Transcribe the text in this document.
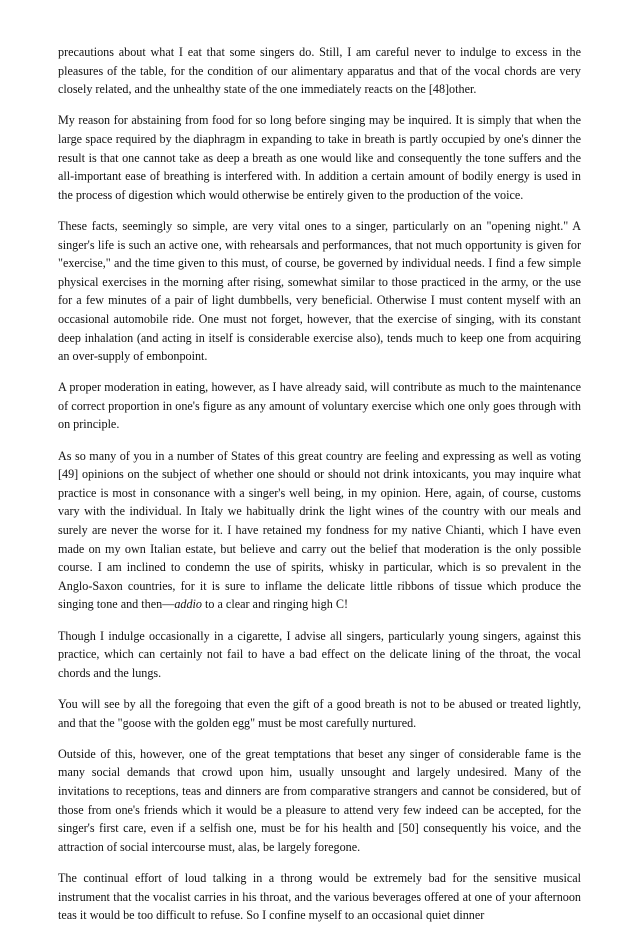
precautions about what I eat that some singers do. Still, I am careful never to indulge to excess in the pleasures of the table, for the condition of our alimentary apparatus and that of the vocal chords are very closely related, and the unhealthy state of the one immediately reacts on the [48]other.

My reason for abstaining from food for so long before singing may be inquired. It is simply that when the large space required by the diaphragm in expanding to take in breath is partly occupied by one's dinner the result is that one cannot take as deep a breath as one would like and consequently the tone suffers and the all-important ease of breathing is interfered with. In addition a certain amount of bodily energy is used in the process of digestion which would otherwise be entirely given to the production of the voice.

These facts, seemingly so simple, are very vital ones to a singer, particularly on an "opening night." A singer's life is such an active one, with rehearsals and performances, that not much opportunity is given for "exercise," and the time given to this must, of course, be governed by individual needs. I find a few simple physical exercises in the morning after rising, somewhat similar to those practiced in the army, or the use for a few minutes of a pair of light dumbbells, very beneficial. Otherwise I must content myself with an occasional automobile ride. One must not forget, however, that the exercise of singing, with its constant deep inhalation (and acting in itself is considerable exercise also), tends much to keep one from acquiring an over-supply of embonpoint.

A proper moderation in eating, however, as I have already said, will contribute as much to the maintenance of correct proportion in one's figure as any amount of voluntary exercise which one only goes through with on principle.

As so many of you in a number of States of this great country are feeling and expressing as well as voting [49] opinions on the subject of whether one should or should not drink intoxicants, you may inquire what practice is most in consonance with a singer's well being, in my opinion. Here, again, of course, customs vary with the individual. In Italy we habitually drink the light wines of the country with our meals and surely are never the worse for it. I have retained my fondness for my native Chianti, which I have even made on my own Italian estate, but believe and carry out the belief that moderation is the only possible course. I am inclined to condemn the use of spirits, whisky in particular, which is so prevalent in the Anglo-Saxon countries, for it is sure to inflame the delicate little ribbons of tissue which produce the singing tone and then—addio to a clear and ringing high C!

Though I indulge occasionally in a cigarette, I advise all singers, particularly young singers, against this practice, which can certainly not fail to have a bad effect on the delicate lining of the throat, the vocal chords and the lungs.

You will see by all the foregoing that even the gift of a good breath is not to be abused or treated lightly, and that the "goose with the golden egg" must be most carefully nurtured.

Outside of this, however, one of the great temptations that beset any singer of considerable fame is the many social demands that crowd upon him, usually unsought and largely undesired. Many of the invitations to receptions, teas and dinners are from comparative strangers and cannot be considered, but of those from one's friends which it would be a pleasure to attend very few indeed can be accepted, for the singer's first care, even if a selfish one, must be for his health and [50] consequently his voice, and the attraction of social intercourse must, alas, be largely foregone.

The continual effort of loud talking in a throng would be extremely bad for the sensitive musical instrument that the vocalist carries in his throat, and the various beverages offered at one of your afternoon teas it would be too difficult to refuse. So I confine myself to an occasional quiet dinner
